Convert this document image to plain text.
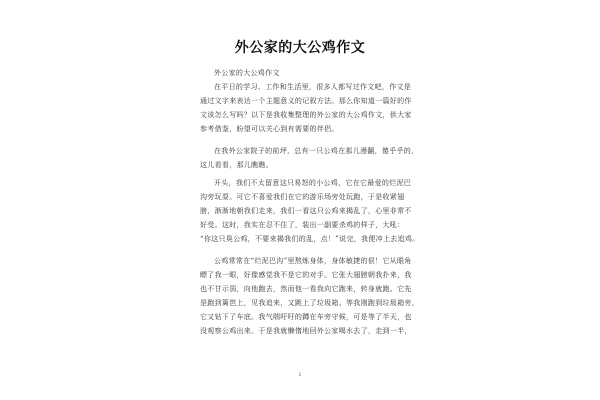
外公家的大公鸡作文
外公家的大公鸡作文
在平日的学习、工作和生活里，很多人都写过作文吧，作文是
通过文字来表达一个主题意义的记叙方法。那么你知道一篇好的作
文该怎么写吗？以下是我收集整理的外公家的大公鸡作文，供大家
参考借鉴，盼望可以关心到有需要的伴侣。
在我外公家院子的前坪，总有一只公鸡在那儿漫翻，傻乎乎的，
这儿看看，那儿瞧瞧。
开头，我们不太留意这只易怒的小公鸡，它在它最爱的烂泥巴
沟旁玩耍。可它不喜爱我们在它的游乐场旁处玩跑，于是收紧翅
膀，渐渐地朝我们走来，我们一看这只公鸡来揭乱了，心里非常不
好受。这时，我实在忍不住了，装出一副要杀鸡的样子，大吼：
“你这只臭公鸡，不要来揭我们的乱，点！”说完，我便冲上去追鸡。
公鸡常常在“烂泥巴沟”里熬炼身体，身体敏捷的很！它从眼角
瞟了我一眼，好像感觉我不是它的对手。它张大翅膀朝我扑来，我
也不甘示弱，向他跑去，然而他一看我向它跑来，转身就跑。它先
是跑到篱笆上，见我追来，又跳上了垃圾箱。等我刚跑到垃圾箱旁，
它又钻下了车底。我气喘吁吁的蹲在车旁守候，可是等了半天，也
没观察公鸡出来。于是我就懒惰地回外公家喝水去了，走到一半，
1
